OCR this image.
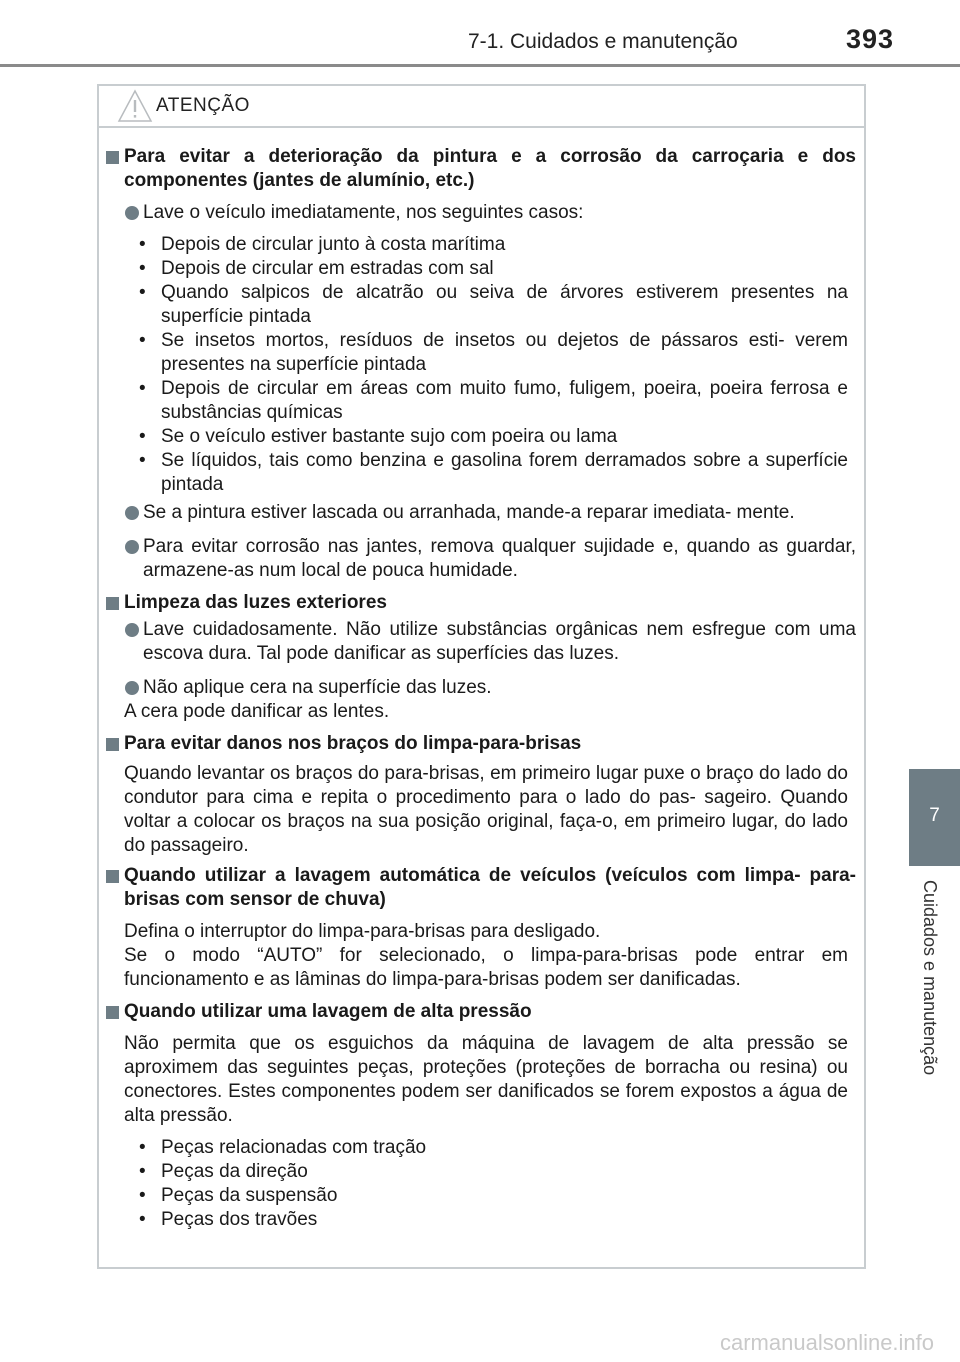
7-1. Cuidados e manutenção	393
7
Cuidados e manutenção
ATENÇÃO
Para evitar a deterioração da pintura e a corrosão da carroçaria e dos componentes (jantes de alumínio, etc.)
Lave o veículo imediatamente, nos seguintes casos:
• Depois de circular junto à costa marítima
• Depois de circular em estradas com sal
• Quando salpicos de alcatrão ou seiva de árvores estiverem presentes na superfície pintada
• Se insetos mortos, resíduos de insetos ou dejetos de pássaros esti- verem presentes na superfície pintada
• Depois de circular em áreas com muito fumo, fuligem, poeira, poeira ferrosa e substâncias químicas
• Se o veículo estiver bastante sujo com poeira ou lama
• Se líquidos, tais como benzina e gasolina forem derramados sobre a superfície pintada
Se a pintura estiver lascada ou arranhada, mande-a reparar imediata- mente.
Para evitar corrosão nas jantes, remova qualquer sujidade e, quando as guardar, armazene-as num local de pouca humidade.
Limpeza das luzes exteriores
Lave cuidadosamente. Não utilize substâncias orgânicas nem esfregue com uma escova dura. Tal pode danificar as superfícies das luzes.
Não aplique cera na superfície das luzes.
A cera pode danificar as lentes.
Para evitar danos nos braços do limpa-para-brisas
Quando levantar os braços do para-brisas, em primeiro lugar puxe o braço do lado do condutor para cima e repita o procedimento para o lado do pas- sageiro. Quando voltar a colocar os braços na sua posição original, faça-o, em primeiro lugar, do lado do passageiro.
Quando utilizar a lavagem automática de veículos (veículos com limpa- para-brisas com sensor de chuva)
Defina o interruptor do limpa-para-brisas para desligado.
Se o modo “AUTO” for selecionado, o limpa-para-brisas pode entrar em funcionamento e as lâminas do limpa-para-brisas podem ser danificadas.
Quando utilizar uma lavagem de alta pressão
Não permita que os esguichos da máquina de lavagem de alta pressão se aproximem das seguintes peças, proteções (proteções de borracha ou resina) ou conectores. Estes componentes podem ser danificados se forem expostos a água de alta pressão.
• Peças relacionadas com tração
• Peças da direção
• Peças da suspensão
• Peças dos travões
carmanualsonline.info
